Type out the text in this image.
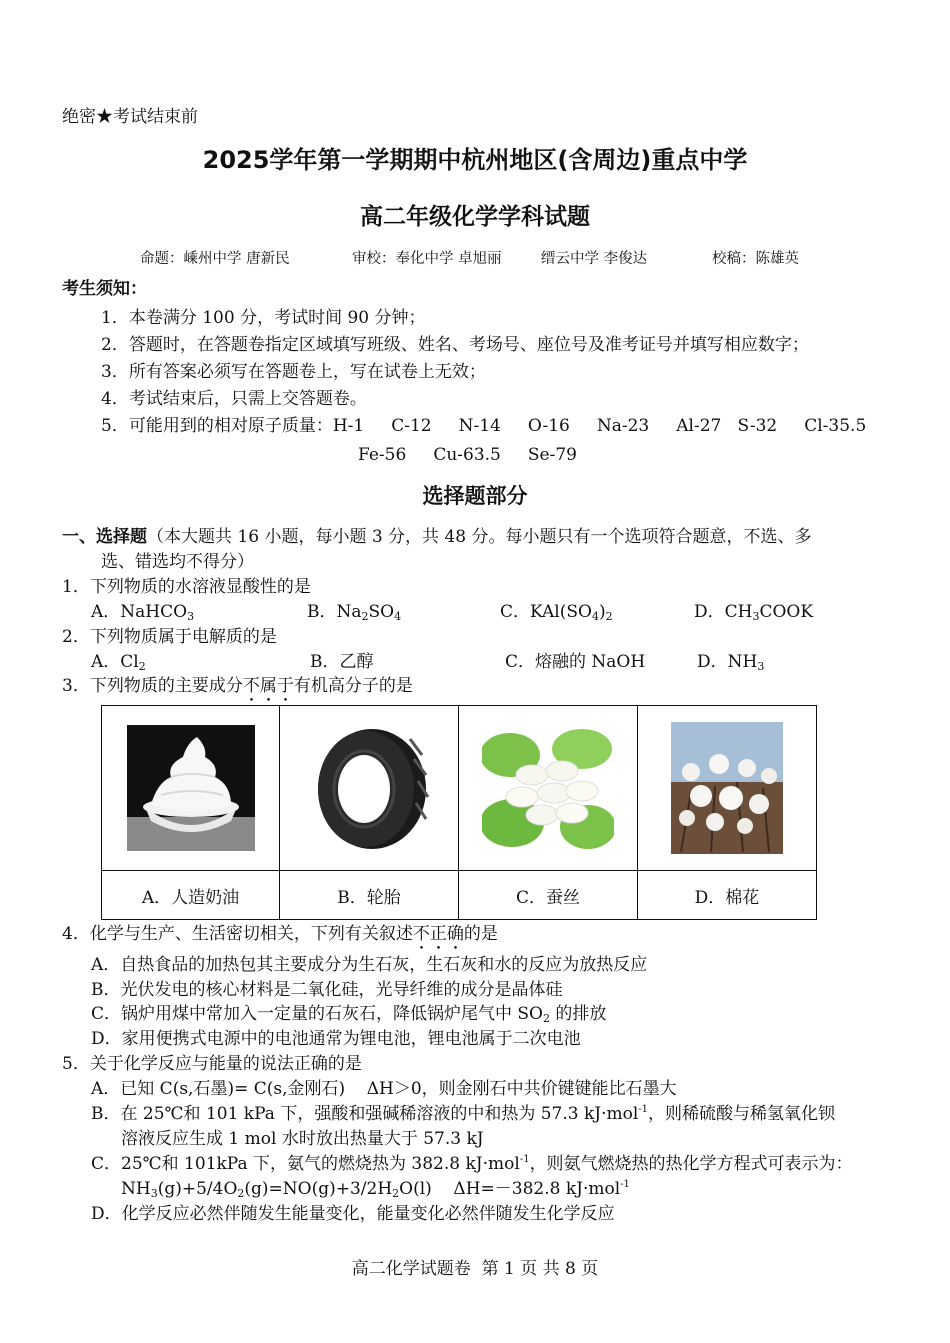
绝密★考试结束前
2025学年第一学期期中杭州地区(含周边)重点中学
高二年级化学学科试题
命题：嵊州中学 唐新民	审校：奉化中学 卓旭丽	缙云中学 李俊达	校稿：陈雄英
考生须知：
1．本卷满分 100 分，考试时间 90 分钟；
2．答题时，在答题卷指定区域填写班级、姓名、考场号、座位号及准考证号并填写相应数字；
3．所有答案必须写在答题卷上，写在试卷上无效；
4．考试结束后，只需上交答题卷。
5．可能用到的相对原子质量：H-1     C-12     N-14     O-16     Na-23     Al-27   S-32     Cl-35.5
Fe-56     Cu-63.5     Se-79
选择题部分
一、选择题（本大题共 16 小题，每小题 3 分，共 48 分。每小题只有一个选项符合题意，不选、多
选、错选均不得分）
1．下列物质的水溶液显酸性的是
A．NaHCO$_3$	B．$Na_2SO_4$	C．$KAl(SO_4)_2$	D．$CH_3COOK$
2．下列物质属于电解质的是
A．$Cl_2$	B．乙醇	C．熔融的 NaOH	D．$NH_3$
3．下列物质的主要成分不属于有机高分子的是

A．人造奶油	B．轮胎	C．蚕丝	D．棉花
4．化学与生产、生活密切相关，下列有关叙述不正确的是
A．自热食品的加热包其主要成分为生石灰，生石灰和水的反应为放热反应
B．光伏发电的核心材料是二氧化硅，光导纤维的成分是晶体硅
C．锅炉用煤中常加入一定量的石灰石，降低锅炉尾气中 $SO_2$ 的排放
D．家用便携式电源中的电池通常为锂电池，锂电池属于二次电池
5．关于化学反应与能量的说法正确的是
A．已知 C(s,石墨)= C(s,金刚石)    ΔH＞0，则金刚石中共价键键能比石墨大
B．在 25℃和 101 kPa 下，强酸和强碱稀溶液的中和热为 57.3 kJ·mol$^{-1}$，则稀硫酸与稀氢氧化钡
溶液反应生成 1 mol 水时放出热量大于 57.3 kJ
C．25℃和 101kPa 下，氨气的燃烧热为 382.8 kJ·mol$^{-1}$，则氨气燃烧热的热化学方程式可表示为：
$NH_3(g)+5/4O_2(g)=NO(g)+3/2H_2O(l)$    ΔH=－382.8 kJ·mol$^{-1}$
D．化学反应必然伴随发生能量变化，能量变化必然伴随发生化学反应
高二化学试题卷  第 1 页 共 8 页
